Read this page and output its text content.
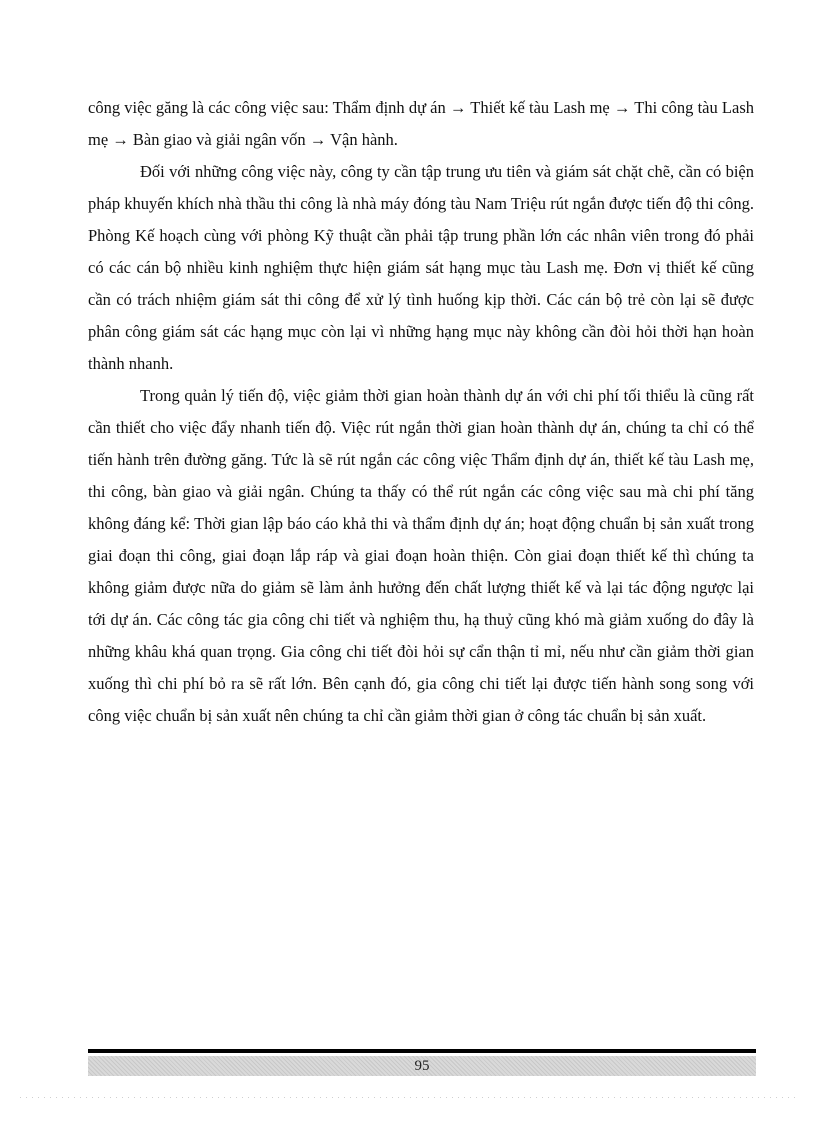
công việc găng là các công việc sau: Thẩm định dự án → Thiết kế tàu Lash mẹ → Thi công tàu Lash mẹ → Bàn giao và giải ngân vốn → Vận hành.

Đối với những công việc này, công ty cần tập trung ưu tiên và giám sát chặt chẽ, cần có biện pháp khuyến khích nhà thầu thi công là nhà máy đóng tàu Nam Triệu rút ngắn được tiến độ thi công. Phòng Kế hoạch cùng với phòng Kỹ thuật cần phải tập trung phần lớn các nhân viên trong đó phải có các cán bộ nhiều kinh nghiệm thực hiện giám sát hạng mục tàu Lash mẹ. Đơn vị thiết kế cũng cần có trách nhiệm giám sát thi công để xử lý tình huống kịp thời. Các cán bộ trẻ còn lại sẽ được phân công giám sát các hạng mục còn lại vì những hạng mục này không cần đòi hỏi thời hạn hoàn thành nhanh.

Trong quản lý tiến độ, việc giảm thời gian hoàn thành dự án với chi phí tối thiểu là cũng rất cần thiết cho việc đẩy nhanh tiến độ. Việc rút ngắn thời gian hoàn thành dự án, chúng ta chỉ có thể tiến hành trên đường găng. Tức là sẽ rút ngắn các công việc Thẩm định dự án, thiết kế tàu Lash mẹ, thi công, bàn giao và giải ngân. Chúng ta thấy có thể rút ngắn các công việc sau mà chi phí tăng không đáng kể: Thời gian lập báo cáo khả thi và thẩm định dự án; hoạt động chuẩn bị sản xuất trong giai đoạn thi công, giai đoạn lắp ráp và giai đoạn hoàn thiện. Còn giai đoạn thiết kế thì chúng ta không giảm được nữa do giảm sẽ làm ảnh hưởng đến chất lượng thiết kế và lại tác động ngược lại tới dự án. Các công tác gia công chi tiết và nghiệm thu, hạ thuỷ cũng khó mà giảm xuống do đây là những khâu khá quan trọng. Gia công chi tiết đòi hỏi sự cẩn thận tỉ mỉ, nếu như cần giảm thời gian xuống thì chi phí bỏ ra sẽ rất lớn. Bên cạnh đó, gia công chi tiết lại được tiến hành song song với công việc chuẩn bị sản xuất nên chúng ta chỉ cần giảm thời gian ở công tác chuẩn bị sản xuất.

95
